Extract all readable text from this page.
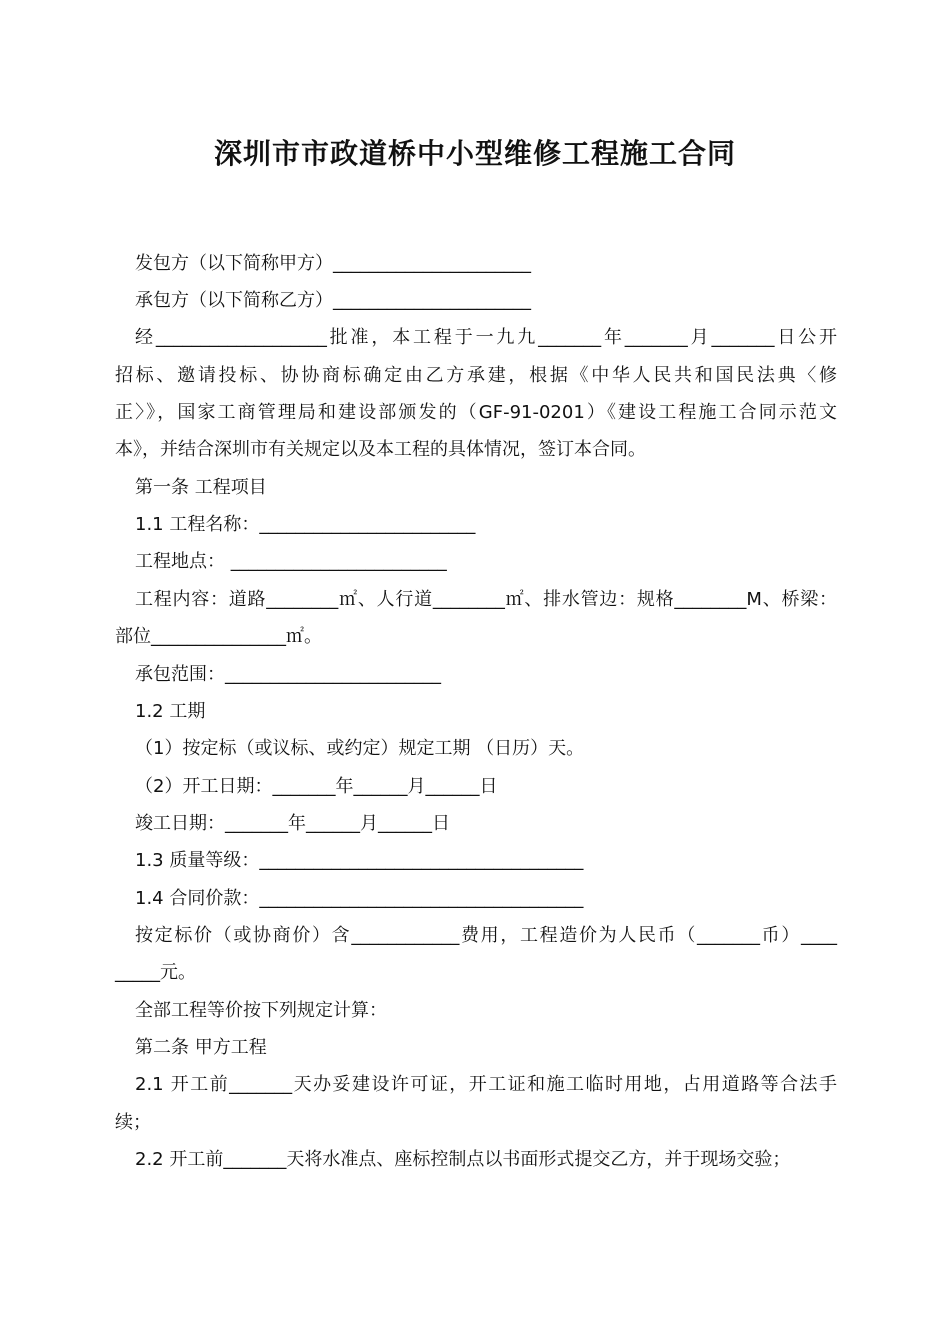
深圳市市政道桥中小型维修工程施工合同
发包方（以下简称甲方）______________________
承包方（以下简称乙方）______________________
经___________________批准，本工程于一九九_______年_______月_______日公开
招标、邀请投标、协协商标确定由乙方承建，根据《中华人民共和国民法典〈修
正〉》，国家工商管理局和建设部颁发的（GF-91-0201）《建设工程施工合同示范文
本》，并结合深圳市有关规定以及本工程的具体情况，签订本合同。
第一条 工程项目
1.1 工程名称：________________________
工程地点： ________________________
工程内容：道路________㎡、人行道________㎡、排水管边：规格________M、桥梁：
部位_______________㎡。
承包范围：________________________
1.2 工期
（1）按定标（或议标、或约定）规定工期 （日历）天。
（2）开工日期：_______年______月______日
竣工日期：_______年______月______日
1.3 质量等级：____________________________________
1.4 合同价款：____________________________________
按定标价（或协商价）含____________费用，工程造价为人民币（_______币）____
_____元。
全部工程等价按下列规定计算：
第二条 甲方工程
2.1 开工前_______天办妥建设许可证，开工证和施工临时用地，占用道路等合法手
续；
2.2 开工前_______天将水准点、座标控制点以书面形式提交乙方，并于现场交验；
